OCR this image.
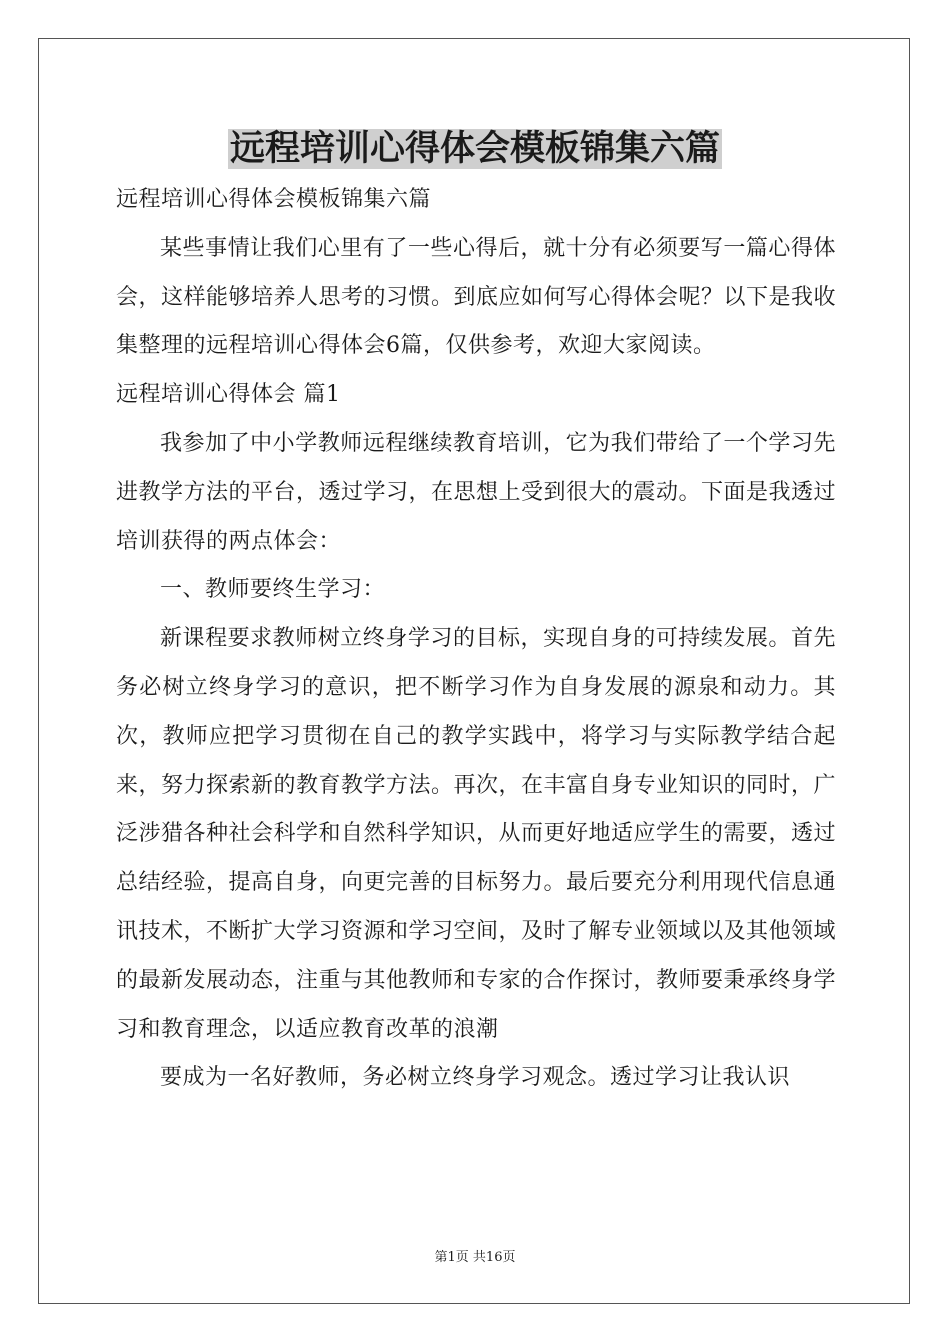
远程培训心得体会模板锦集六篇

远程培训心得体会模板锦集六篇

某些事情让我们心里有了一些心得后，就十分有必须要写一篇心得体会，这样能够培养人思考的习惯。到底应如何写心得体会呢？以下是我收集整理的远程培训心得体会6篇，仅供参考，欢迎大家阅读。

远程培训心得体会 篇1

我参加了中小学教师远程继续教育培训，它为我们带给了一个学习先进教学方法的平台，透过学习，在思想上受到很大的震动。下面是我透过培训获得的两点体会：

一、教师要终生学习：

新课程要求教师树立终身学习的目标，实现自身的可持续发展。首先务必树立终身学习的意识，把不断学习作为自身发展的源泉和动力。其次，教师应把学习贯彻在自己的教学实践中，将学习与实际教学结合起来，努力探索新的教育教学方法。再次，在丰富自身专业知识的同时，广泛涉猎各种社会科学和自然科学知识，从而更好地适应学生的需要，透过总结经验，提高自身，向更完善的目标努力。最后要充分利用现代信息通讯技术，不断扩大学习资源和学习空间，及时了解专业领域以及其他领域的最新发展动态，注重与其他教师和专家的合作探讨，教师要秉承终身学习和教育理念，以适应教育改革的浪潮

要成为一名好教师，务必树立终身学习观念。透过学习让我认识

第1页 共16页
